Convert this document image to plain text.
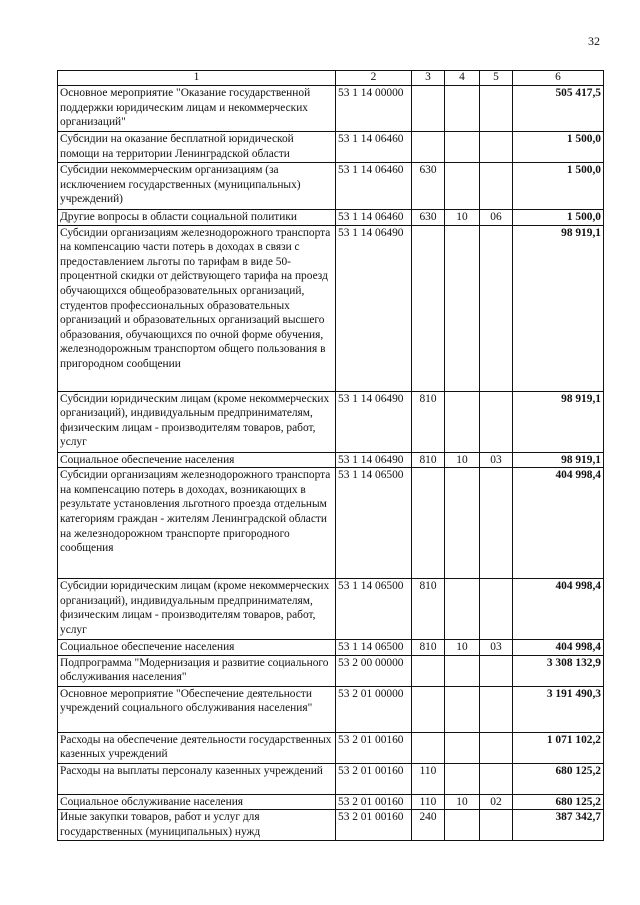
32
1	2	3	4	5	6
Основное мероприятие "Оказание государственной поддержки юридическим лицам и некоммерческих организаций"	53 1 14 00000				505 417,5
Субсидии на оказание бесплатной юридической помощи на территории Ленинградской области	53 1 14 06460				1 500,0
Субсидии некоммерческим организациям (за исключением государственных (муниципальных) учреждений)	53 1 14 06460	630			1 500,0
Другие вопросы в области социальной политики	53 1 14 06460	630	10	06	1 500,0
Субсидии организациям железнодорожного транспорта на компенсацию части потерь в доходах в связи с предоставлением льготы по тарифам в виде 50-процентной скидки от действующего тарифа на проезд обучающихся общеобразовательных организаций, студентов профессиональных образовательных организаций и образовательных организаций высшего образования, обучающихся по очной форме обучения, железнодорожным транспортом общего пользования в пригородном сообщении	53 1 14 06490				98 919,1
Субсидии юридическим лицам (кроме некоммерческих организаций), индивидуальным предпринимателям, физическим лицам - производителям товаров, работ, услуг	53 1 14 06490	810			98 919,1
Социальное обеспечение населения	53 1 14 06490	810	10	03	98 919,1
Субсидии организациям железнодорожного транспорта на компенсацию потерь в доходах, возникающих в результате установления льготного проезда отдельным категориям граждан - жителям Ленинградской области на железнодорожном транспорте пригородного сообщения	53 1 14 06500				404 998,4
Субсидии юридическим лицам (кроме некоммерческих организаций), индивидуальным предпринимателям, физическим лицам - производителям товаров, работ, услуг	53 1 14 06500	810			404 998,4
Социальное обеспечение населения	53 1 14 06500	810	10	03	404 998,4
Подпрограмма "Модернизация и развитие социального обслуживания населения"	53 2 00 00000				3 308 132,9
Основное мероприятие "Обеспечение деятельности учреждений социального обслуживания населения"	53 2 01 00000				3 191 490,3
Расходы на обеспечение деятельности государственных казенных учреждений	53 2 01 00160				1 071 102,2
Расходы на выплаты персоналу казенных учреждений	53 2 01 00160	110			680 125,2
Социальное обслуживание населения	53 2 01 00160	110	10	02	680 125,2
Иные закупки товаров, работ и услуг для государственных (муниципальных) нужд	53 2 01 00160	240			387 342,7
